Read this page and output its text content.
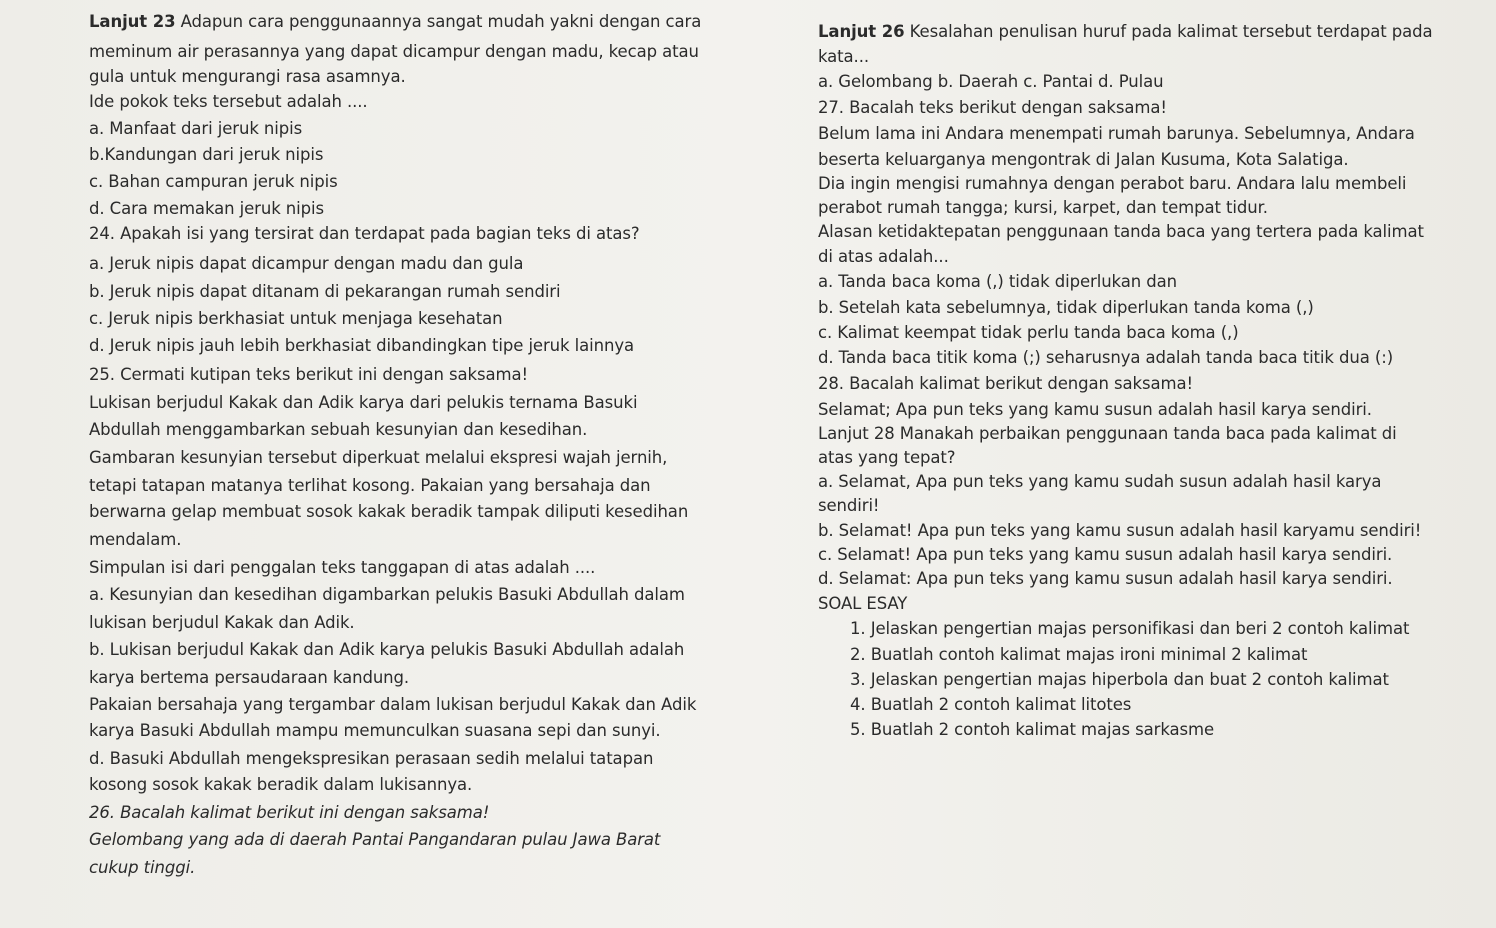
Lanjut 23 Adapun cara penggunaannya sangat mudah yakni dengan cara
meminum air perasannya yang dapat dicampur dengan madu, kecap atau
gula untuk mengurangi rasa asamnya.
Ide pokok teks tersebut adalah ....
a. Manfaat dari jeruk nipis
b.Kandungan dari jeruk nipis
c. Bahan campuran jeruk nipis
d. Cara memakan jeruk nipis
24. Apakah isi yang tersirat dan terdapat pada bagian teks di atas?
a. Jeruk nipis dapat dicampur dengan madu dan gula
b. Jeruk nipis dapat ditanam di pekarangan rumah sendiri
c. Jeruk nipis berkhasiat untuk menjaga kesehatan
d. Jeruk nipis jauh lebih berkhasiat dibandingkan tipe jeruk lainnya
25. Cermati kutipan teks berikut ini dengan saksama!
Lukisan berjudul Kakak dan Adik karya dari pelukis ternama Basuki
Abdullah menggambarkan sebuah kesunyian dan kesedihan.
Gambaran kesunyian tersebut diperkuat melalui ekspresi wajah jernih,
tetapi tatapan matanya terlihat kosong. Pakaian yang bersahaja dan
berwarna gelap membuat sosok kakak beradik tampak diliputi kesedihan
mendalam.
Simpulan isi dari penggalan teks tanggapan di atas adalah ....
a. Kesunyian dan kesedihan digambarkan pelukis Basuki Abdullah dalam
lukisan berjudul Kakak dan Adik.
b. Lukisan berjudul Kakak dan Adik karya pelukis Basuki Abdullah adalah
karya bertema persaudaraan kandung.
Pakaian bersahaja yang tergambar dalam lukisan berjudul Kakak dan Adik
karya Basuki Abdullah mampu memunculkan suasana sepi dan sunyi.
d. Basuki Abdullah mengekspresikan perasaan sedih melalui tatapan
kosong sosok kakak beradik dalam lukisannya.
26. Bacalah kalimat berikut ini dengan saksama!
Gelombang yang ada di daerah Pantai Pangandaran pulau Jawa Barat
cukup tinggi.
Lanjut 26 Kesalahan penulisan huruf pada kalimat tersebut terdapat pada
kata...
a. Gelombang b. Daerah c. Pantai d. Pulau
27. Bacalah teks berikut dengan saksama!
Belum lama ini Andara menempati rumah barunya. Sebelumnya, Andara
beserta keluarganya mengontrak di Jalan Kusuma, Kota Salatiga.
Dia ingin mengisi rumahnya dengan perabot baru. Andara lalu membeli
perabot rumah tangga; kursi, karpet, dan tempat tidur.
Alasan ketidaktepatan penggunaan tanda baca yang tertera pada kalimat
di atas adalah...
a. Tanda baca koma (,) tidak diperlukan dan
b. Setelah kata sebelumnya, tidak diperlukan tanda koma (,)
c. Kalimat keempat tidak perlu tanda baca koma (,)
d. Tanda baca titik koma (;) seharusnya adalah tanda baca titik dua (:)
28. Bacalah kalimat berikut dengan saksama!
Selamat; Apa pun teks yang kamu susun adalah hasil karya sendiri.
Lanjut 28 Manakah perbaikan penggunaan tanda baca pada kalimat di
atas yang tepat?
a. Selamat, Apa pun teks yang kamu sudah susun adalah hasil karya
sendiri!
b. Selamat! Apa pun teks yang kamu susun adalah hasil karyamu sendiri!
c. Selamat! Apa pun teks yang kamu susun adalah hasil karya sendiri.
d. Selamat: Apa pun teks yang kamu susun adalah hasil karya sendiri.
SOAL ESAY
1. Jelaskan pengertian majas personifikasi dan beri 2 contoh kalimat
2. Buatlah contoh kalimat majas ironi minimal 2 kalimat
3. Jelaskan pengertian majas hiperbola dan buat 2 contoh kalimat
4. Buatlah 2 contoh kalimat litotes
5. Buatlah 2 contoh kalimat majas sarkasme
